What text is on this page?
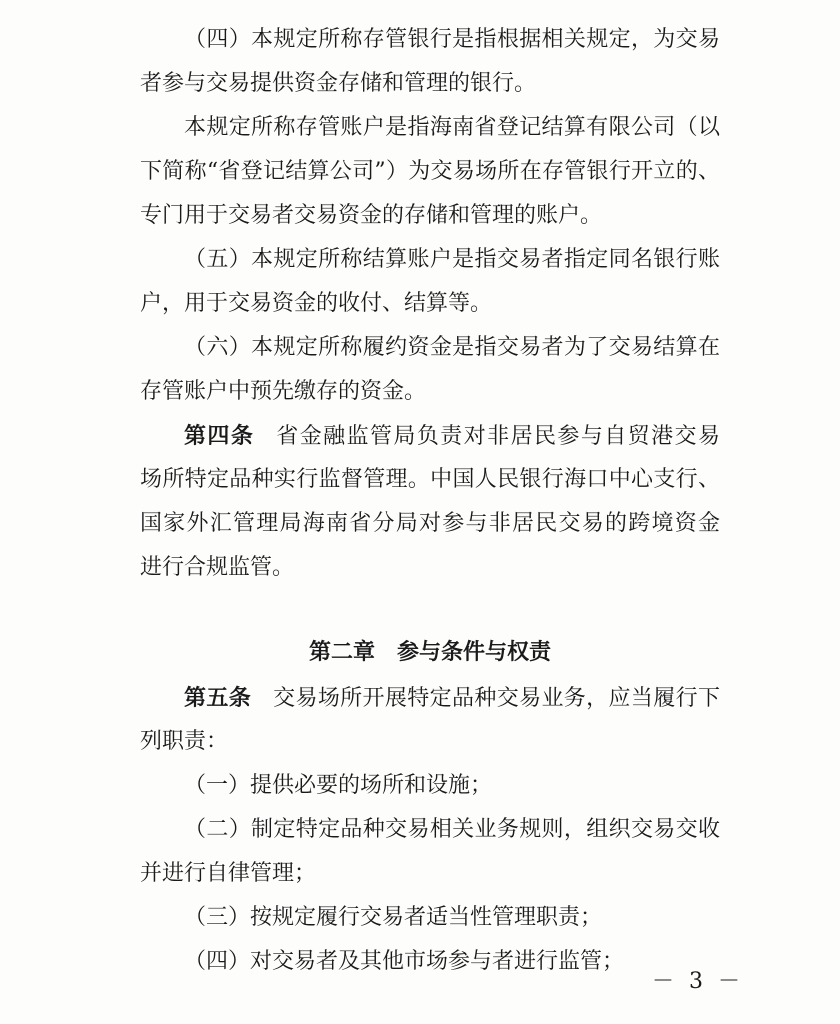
（四）本规定所称存管银行是指根据相关规定，为交易
者参与交易提供资金存储和管理的银行。
本规定所称存管账户是指海南省登记结算有限公司（以
下简称“省登记结算公司”）为交易场所在存管银行开立的、
专门用于交易者交易资金的存储和管理的账户。
（五）本规定所称结算账户是指交易者指定同名银行账
户，用于交易资金的收付、结算等。
（六）本规定所称履约资金是指交易者为了交易结算在
存管账户中预先缴存的资金。
第四条 省金融监管局负责对非居民参与自贸港交易
场所特定品种实行监督管理。中国人民银行海口中心支行、
国家外汇管理局海南省分局对参与非居民交易的跨境资金
进行合规监管。
第二章　参与条件与权责
第五条 交易场所开展特定品种交易业务，应当履行下
列职责：
（一）提供必要的场所和设施；
（二）制定特定品种交易相关业务规则，组织交易交收
并进行自律管理；
（三）按规定履行交易者适当性管理职责；
（四）对交易者及其他市场参与者进行监管；
－ 3 －
